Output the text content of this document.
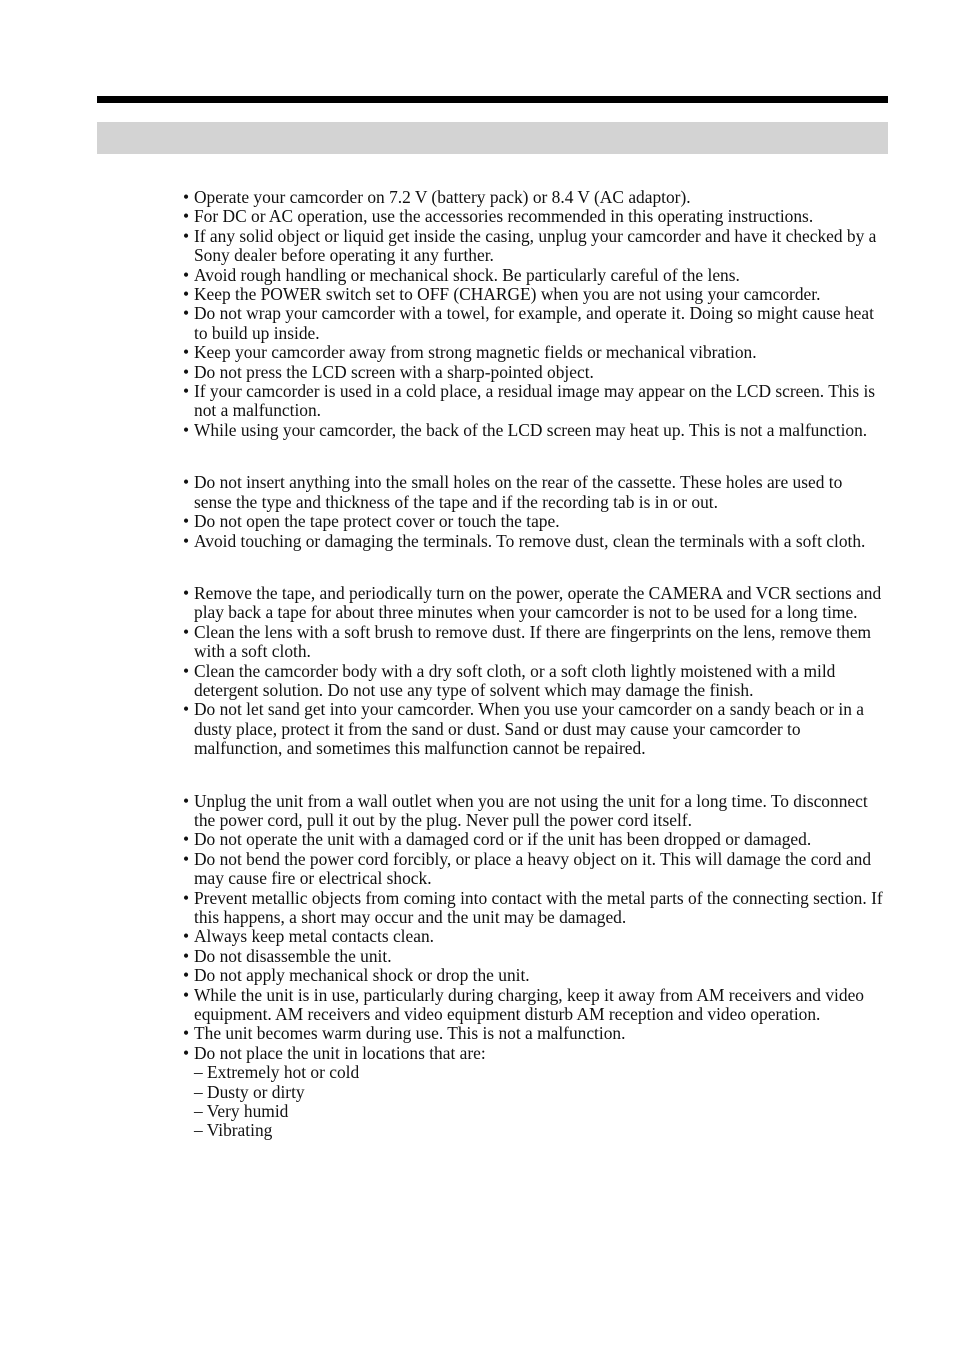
• Operate your camcorder on 7.2 V (battery pack) or 8.4 V (AC adaptor).
• For DC or AC operation, use the accessories recommended in this operating instructions.
• If any solid object or liquid get inside the casing, unplug your camcorder and have it checked by a Sony dealer before operating it any further.
• Avoid rough handling or mechanical shock. Be particularly careful of the lens.
• Keep the POWER switch set to OFF (CHARGE) when you are not using your camcorder.
• Do not wrap your camcorder with a towel, for example, and operate it. Doing so might cause heat to build up inside.
• Keep your camcorder away from strong magnetic fields or mechanical vibration.
• Do not press the LCD screen with a sharp-pointed object.
• If your camcorder is used in a cold place, a residual image may appear on the LCD screen. This is not a malfunction.
• While using your camcorder, the back of the LCD screen may heat up. This is not a malfunction.
• Do not insert anything into the small holes on the rear of the cassette. These holes are used to sense the type and thickness of the tape and if the recording tab is in or out.
• Do not open the tape protect cover or touch the tape.
• Avoid touching or damaging the terminals. To remove dust, clean the terminals with a soft cloth.
• Remove the tape, and periodically turn on the power, operate the CAMERA and VCR sections and play back a tape for about three minutes when your camcorder is not to be used for a long time.
• Clean the lens with a soft brush to remove dust. If there are fingerprints on the lens, remove them with a soft cloth.
• Clean the camcorder body with a dry soft cloth, or a soft cloth lightly moistened with a mild detergent solution. Do not use any type of solvent which may damage the finish.
• Do not let sand get into your camcorder. When you use your camcorder on a sandy beach or in a dusty place, protect it from the sand or dust. Sand or dust may cause your camcorder to malfunction, and sometimes this malfunction cannot be repaired.
• Unplug the unit from a wall outlet when you are not using the unit for a long time. To disconnect the power cord, pull it out by the plug. Never pull the power cord itself.
• Do not operate the unit with a damaged cord or if the unit has been dropped or damaged.
• Do not bend the power cord forcibly, or place a heavy object on it. This will damage the cord and may cause fire or electrical shock.
• Prevent metallic objects from coming into contact with the metal parts of the connecting section. If this happens, a short may occur and the unit may be damaged.
• Always keep metal contacts clean.
• Do not disassemble the unit.
• Do not apply mechanical shock or drop the unit.
• While the unit is in use, particularly during charging, keep it away from AM receivers and video equipment. AM receivers and video equipment disturb AM reception and video operation.
• The unit becomes warm during use. This is not a malfunction.
• Do not place the unit in locations that are:
– Extremely hot or cold
– Dusty or dirty
– Very humid
– Vibrating
